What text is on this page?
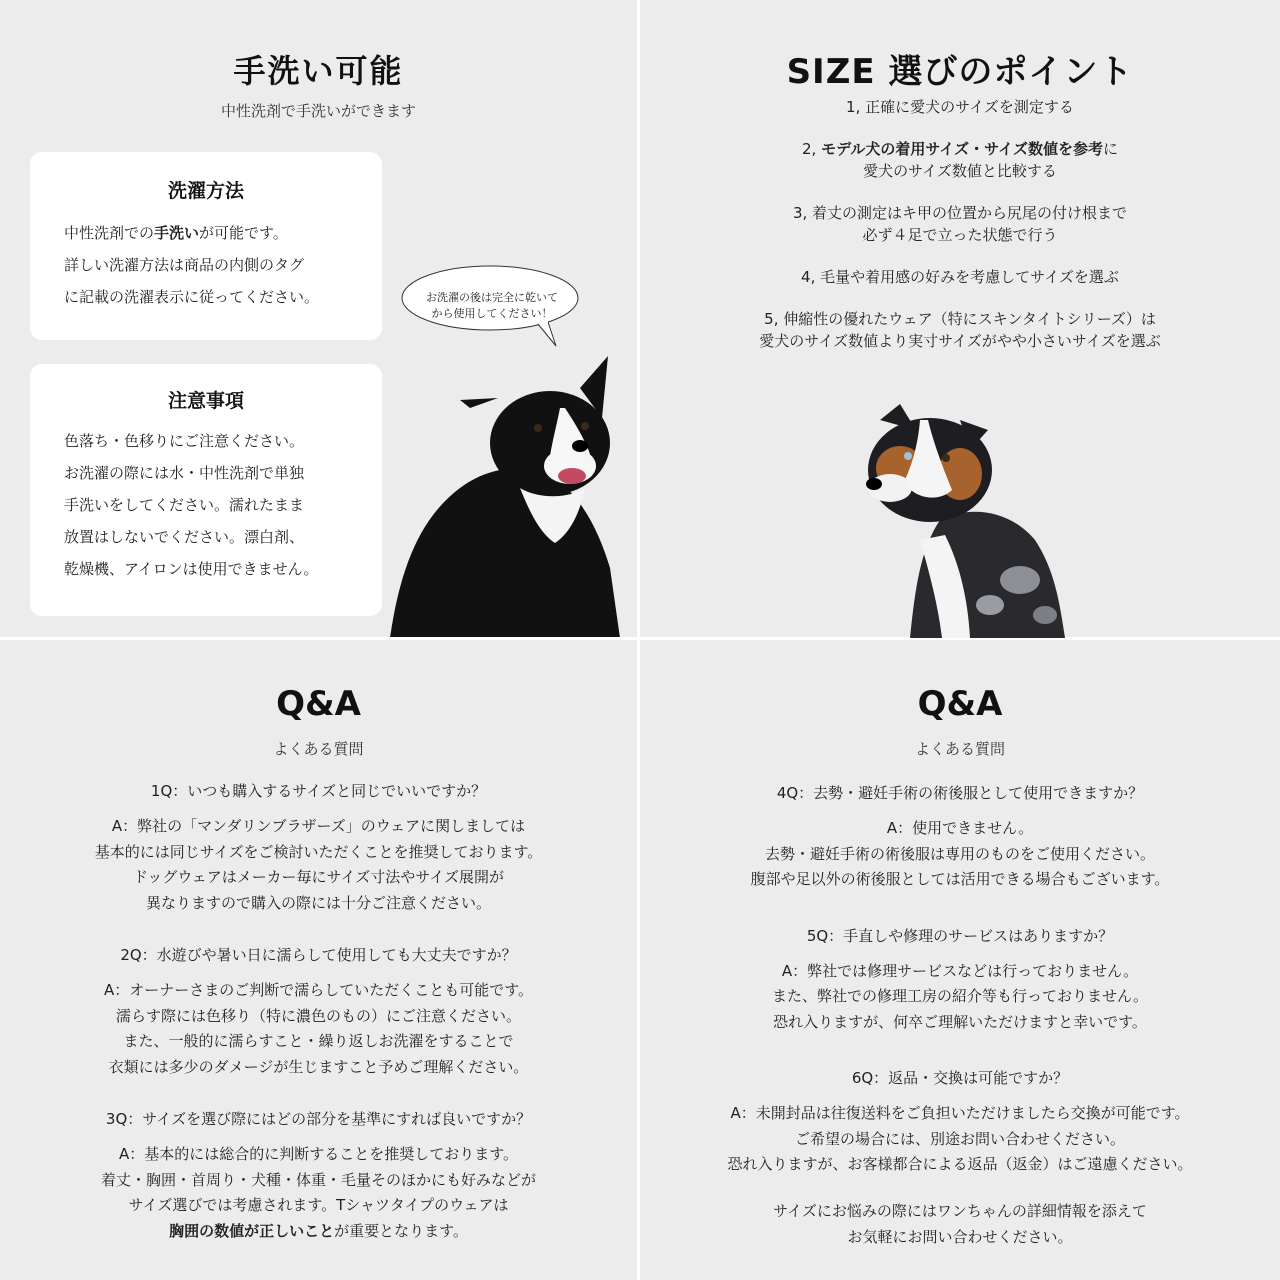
手洗い可能
中性洗剤で手洗いができます
洗濯方法

中性洗剤での手洗いが可能です。
詳しい洗濯方法は商品の内側のタグ
に記載の洗濯表示に従ってください。

注意事項

色落ち・色移りにご注意ください。
お洗濯の際には水・中性洗剤で単独
手洗いをしてください。濡れたまま
放置はしないでください。漂白剤、
乾燥機、アイロンは使用できません。

お洗濯の後は完全に乾いて
から使用してください！
SIZE 選びのポイント
1, 正確に愛犬のサイズを測定する
2, モデル犬の着用サイズ・サイズ数値を参考に
愛犬のサイズ数値と比較する
3, 着丈の測定はキ甲の位置から尻尾の付け根まで
必ず４足で立った状態で行う
4, 毛量や着用感の好みを考慮してサイズを選ぶ
5, 伸縮性の優れたウェア（特にスキンタイトシリーズ）は
愛犬のサイズ数値より実寸サイズがやや小さいサイズを選ぶ
Q&A
よくある質問
1Q：いつも購入するサイズと同じでいいですか？
A：弊社の「マンダリンブラザーズ」のウェアに関しましては
基本的には同じサイズをご検討いただくことを推奨しております。
ドッグウェアはメーカー毎にサイズ寸法やサイズ展開が
異なりますので購入の際には十分ご注意ください。
2Q：水遊びや暑い日に濡らして使用しても大丈夫ですか？
A：オーナーさまのご判断で濡らしていただくことも可能です。
濡らす際には色移り（特に濃色のもの）にご注意ください。
また、一般的に濡らすこと・繰り返しお洗濯をすることで
衣類には多少のダメージが生じますこと予めご理解ください。
3Q：サイズを選び際にはどの部分を基準にすれば良いですか？
A：基本的には総合的に判断することを推奨しております。
着丈・胸囲・首周り・犬種・体重・毛量そのほかにも好みなどが
サイズ選びでは考慮されます。Tシャツタイプのウェアは
胸囲の数値が正しいことが重要となります。
Q&A
よくある質問
4Q：去勢・避妊手術の術後服として使用できますか？
A：使用できません。
去勢・避妊手術の術後服は専用のものをご使用ください。
腹部や足以外の術後服としては活用できる場合もございます。
5Q：手直しや修理のサービスはありますか？
A：弊社では修理サービスなどは行っておりません。
また、弊社での修理工房の紹介等も行っておりません。
恐れ入りますが、何卒ご理解いただけますと幸いです。
6Q：返品・交換は可能ですか？
A：未開封品は往復送料をご負担いただけましたら交換が可能です。
ご希望の場合には、別途お問い合わせください。
恐れ入りますが、お客様都合による返品（返金）はご遠慮ください。
サイズにお悩みの際にはワンちゃんの詳細情報を添えて
お気軽にお問い合わせください。
